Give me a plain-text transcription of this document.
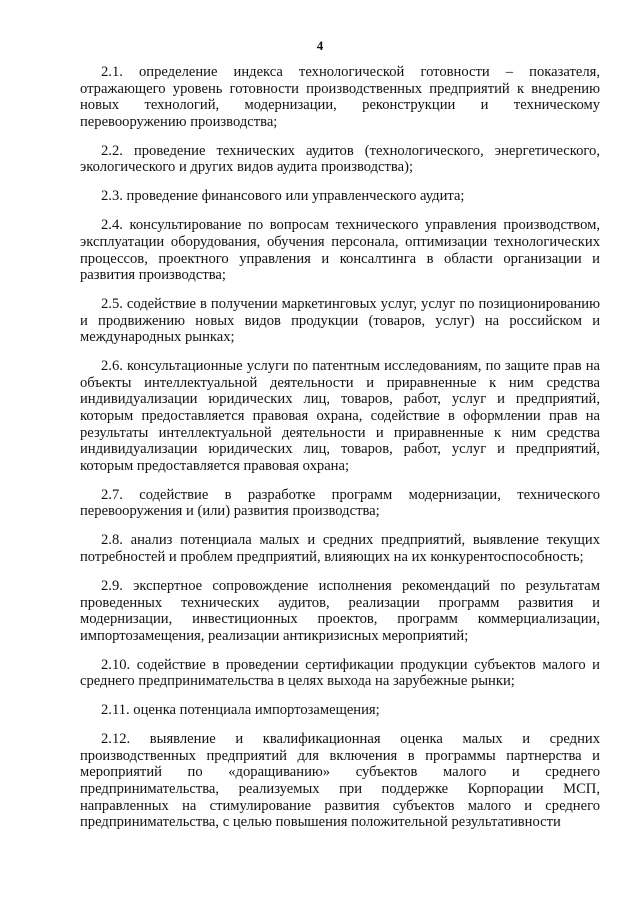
4

2.1. определение индекса технологической готовности – показателя, отражающего уровень готовности производственных предприятий к внедрению новых технологий, модернизации, реконструкции и техническому перевооружению производства;

2.2. проведение технических аудитов (технологического, энергетического, экологического и других видов аудита производства);

2.3. проведение финансового или управленческого аудита;

2.4. консультирование по вопросам технического управления производством, эксплуатации оборудования, обучения персонала, оптимизации технологических процессов, проектного управления и консалтинга в области организации и развития производства;

2.5. содействие в получении маркетинговых услуг, услуг по позиционированию и продвижению новых видов продукции (товаров, услуг) на российском и международных рынках;

2.6. консультационные услуги по патентным исследованиям, по защите прав на объекты интеллектуальной деятельности и приравненные к ним средства индивидуализации юридических лиц, товаров, работ, услуг и предприятий, которым предоставляется правовая охрана, содействие в оформлении прав на результаты интеллектуальной деятельности и приравненные к ним средства индивидуализации юридических лиц, товаров, работ, услуг и предприятий, которым предоставляется правовая охрана;

2.7. содействие в разработке программ модернизации, технического перевооружения и (или) развития производства;

2.8. анализ потенциала малых и средних предприятий, выявление текущих потребностей и проблем предприятий, влияющих на их конкурентоспособность;

2.9. экспертное сопровождение исполнения рекомендаций по результатам проведенных технических аудитов, реализации программ развития и модернизации, инвестиционных проектов, программ коммерциализации, импортозамещения, реализации антикризисных мероприятий;

2.10. содействие в проведении сертификации продукции субъектов малого и среднего предпринимательства в целях выхода на зарубежные рынки;

2.11. оценка потенциала импортозамещения;

2.12. выявление и квалификационная оценка малых и средних производственных предприятий для включения в программы партнерства и мероприятий по «доращиванию» субъектов малого и среднего предпринимательства, реализуемых при поддержке Корпорации МСП, направленных на стимулирование развития субъектов малого и среднего предпринимательства, с целью повышения положительной результативности
